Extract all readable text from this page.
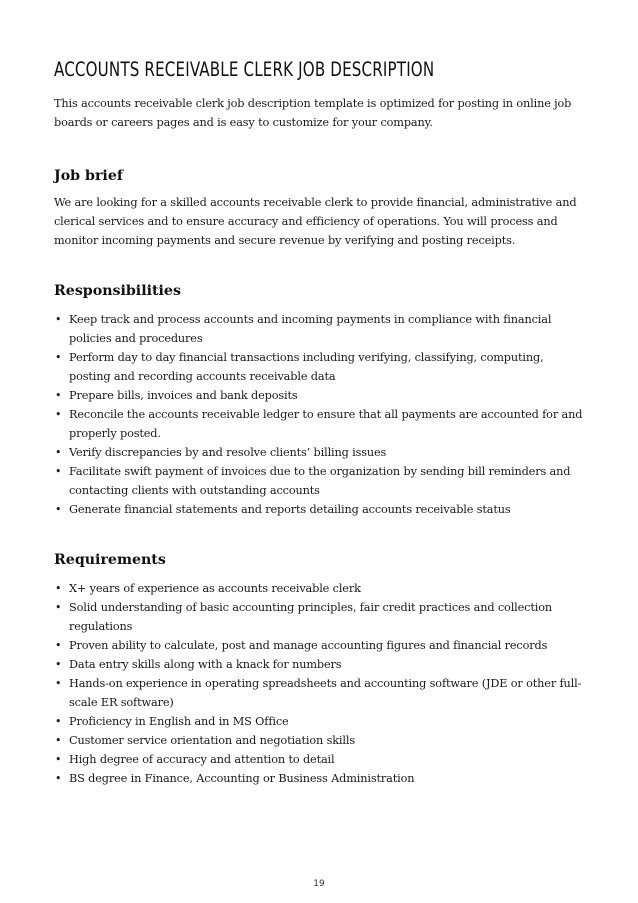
ACCOUNTS RECEIVABLE CLERK JOB DESCRIPTION

This accounts receivable clerk job description template is optimized for posting in online job boards or careers pages and is easy to customize for your company.

Job brief

We are looking for a skilled accounts receivable clerk to provide financial, administrative and clerical services and to ensure accuracy and efficiency of operations. You will process and monitor incoming payments and secure revenue by verifying and posting receipts.

Responsibilities
• Keep track and process accounts and incoming payments in compliance with financial policies and procedures
• Perform day to day financial transactions including verifying, classifying, computing, posting and recording accounts receivable data
• Prepare bills, invoices and bank deposits
• Reconcile the accounts receivable ledger to ensure that all payments are accounted for and properly posted.
• Verify discrepancies by and resolve clients’ billing issues
• Facilitate swift payment of invoices due to the organization by sending bill reminders and contacting clients with outstanding accounts
• Generate financial statements and reports detailing accounts receivable status
Requirements
• X+ years of experience as accounts receivable clerk
• Solid understanding of basic accounting principles, fair credit practices and collection regulations
• Proven ability to calculate, post and manage accounting figures and financial records
• Data entry skills along with a knack for numbers
• Hands-on experience in operating spreadsheets and accounting software (JDE or other full-scale ER software)
• Proficiency in English and in MS Office
• Customer service orientation and negotiation skills
• High degree of accuracy and attention to detail
• BS degree in Finance, Accounting or Business Administration
19
